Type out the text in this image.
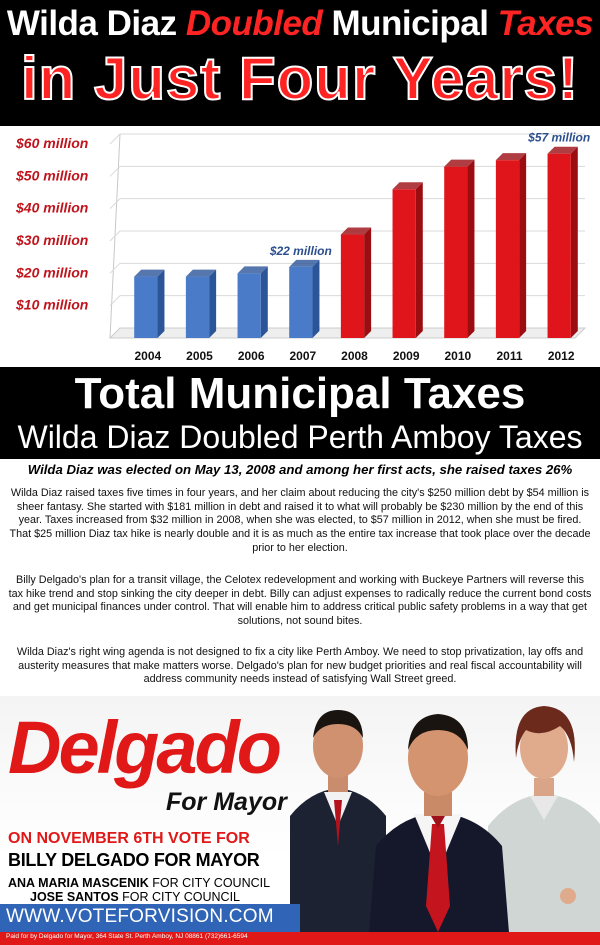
Wilda Diaz Doubled Municipal Taxes
in Just Four Years!
$10 million
$20 million
$30 million
$40 million
$50 million
$60 million
2004 2005 2006 2007 2008 2009 2010 2011 2012
$22 million
$57 million
Total Municipal Taxes
Wilda Diaz Doubled Perth Amboy Taxes
Wilda Diaz was elected on May 13, 2008 and among her first acts, she raised taxes 26%
Wilda Diaz raised taxes five times in four years, and her claim about reducing the city's $250 million debt by $54 million is sheer fantasy. She started with $181 million in debt and raised it to what will probably be $230 million by the end of this year. Taxes increased from $32 million in 2008, when she was elected, to $57 million in 2012, when she must be fired. That $25 million Diaz tax hike is nearly double and it is as much as the entire tax increase that took place over the decade prior to her election.
Billy Delgado's plan for a transit village, the Celotex redevelopment and working with Buckeye Partners will reverse this tax hike trend and stop sinking the city deeper in debt. Billy can adjust expenses to radically reduce the current bond costs and get municipal finances under control. That will enable him to address critical public safety problems in a way that get solutions, not sound bites.
Wilda Diaz's right wing agenda is not designed to fix a city like Perth Amboy. We need to stop privatization, lay offs and austerity measures that make matters worse. Delgado's plan for new budget priorities and real fiscal accountability will address community needs instead of satisfying Wall Street greed.
Delgado
For Mayor
ON NOVEMBER 6TH VOTE FOR
BILLY DELGADO FOR MAYOR
ANA MARIA MASCENIK FOR CITY COUNCIL
JOSE SANTOS FOR CITY COUNCIL
WWW.VOTEFORVISION.COM
Paid for by Delgado for Mayor, 364 State St. Perth Amboy, NJ 08861 (732)661-6594
